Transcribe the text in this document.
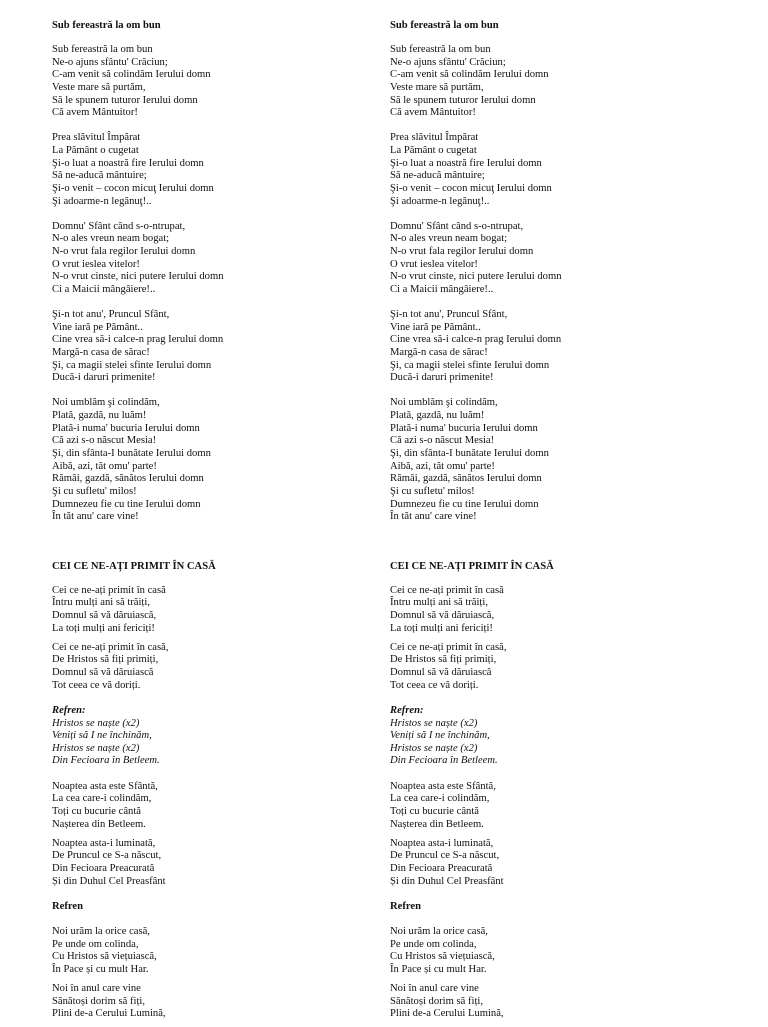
Sub fereastră la om bun
Sub fereastră la om bun
Ne-o ajuns sfântu' Crăciun;
C-am venit să colindăm Ierului domn
Veste mare să purtăm,
Să le spunem tuturor Ierului domn
Că avem Mântuitor!
Prea slăvitul Împărat
La Pământ o cugetat
Şi-o luat a noastră fire Ierului domn
Să ne-aducă mântuire;
Şi-o venit – cocon micuţ Ierului domn
Şi adoarme-n legănuţ!..
Domnu' Sfânt când s-o-ntrupat,
N-o ales vreun neam bogat;
N-o vrut fala regilor Ierului domn
O vrut ieslea vitelor!
N-o vrut cinste, nici putere Ierului domn
Ci a Maicii mângâiere!..
Şi-n tot anu', Pruncul Sfânt,
Vine iară pe Pământ..
Cine vrea să-i calce-n prag Ierului domn
Margă-n casa de sărac!
Şi, ca magii stelei sfinte Ierului domn
Ducă-i daruri primenite!
Noi umblăm şi colindăm,
Plată, gazdă, nu luăm!
Plată-i numa' bucuria Ierului domn
Că azi s-o născut Mesia!
Şi, din sfânta-I bunătate Ierului domn
Aibă, azi, tăt omu' parte!
Rămâi, gazdă, sănătos Ierului domn
Şi cu sufletu' milos!
Dumnezeu fie cu tine Ierului domn
În tăt anu' care vine!
CEI CE NE-AȚI PRIMIT ÎN CASĂ
Cei ce ne-ați primit în casă
Întru mulți ani să trăiți,
Domnul să vă dăruiască,
La toți mulți ani fericiți!
Cei ce ne-ați primit în casă,
De Hristos să fiți primiți,
Domnul să vă dăruiască
Tot ceea ce vă doriți.
Refren:
Hristos se naște (x2)
Veniți să I ne închinăm,
Hristos se naște (x2)
Din Fecioara în Betleem.
Noaptea asta este Sfântă,
La cea care-i colindăm,
Toți cu bucurie cântă
Nașterea din Betleem.
Noaptea asta-i luminată,
De Pruncul ce S-a născut,
Din Fecioara Preacurată
Și din Duhul Cel Preasfânt
Refren
Noi urăm la orice casă,
Pe unde om colinda,
Cu Hristos să viețuiască,
În Pace și cu mult Har.
Noi în anul care vine
Sănătoși dorim să fiți,
Plini de-a Cerului Lumină,
Sub fereastră la om bun
Sub fereastră la om bun
Ne-o ajuns sfântu' Crăciun;
C-am venit să colindăm Ierului domn
Veste mare să purtăm,
Să le spunem tuturor Ierului domn
Că avem Mântuitor!
Prea slăvitul Împărat
La Pământ o cugetat
Şi-o luat a noastră fire Ierului domn
Să ne-aducă mântuire;
Şi-o venit – cocon micuţ Ierului domn
Şi adoarme-n legănuţ!..
Domnu' Sfânt când s-o-ntrupat,
N-o ales vreun neam bogat;
N-o vrut fala regilor Ierului domn
O vrut ieslea vitelor!
N-o vrut cinste, nici putere Ierului domn
Ci a Maicii mângâiere!..
Şi-n tot anu', Pruncul Sfânt,
Vine iară pe Pământ..
Cine vrea să-i calce-n prag Ierului domn
Margă-n casa de sărac!
Şi, ca magii stelei sfinte Ierului domn
Ducă-i daruri primenite!
Noi umblăm şi colindăm,
Plată, gazdă, nu luăm!
Plată-i numa' bucuria Ierului domn
Că azi s-o născut Mesia!
Şi, din sfânta-I bunătate Ierului domn
Aibă, azi, tăt omu' parte!
Rămâi, gazdă, sănătos Ierului domn
Şi cu sufletu' milos!
Dumnezeu fie cu tine Ierului domn
În tăt anu' care vine!
CEI CE NE-AȚI PRIMIT ÎN CASĂ
Cei ce ne-ați primit în casă
Întru mulți ani să trăiți,
Domnul să vă dăruiască,
La toți mulți ani fericiți!
Cei ce ne-ați primit în casă,
De Hristos să fiți primiți,
Domnul să vă dăruiască
Tot ceea ce vă doriți.
Refren:
Hristos se naște (x2)
Veniți să I ne închinăm,
Hristos se naște (x2)
Din Fecioara în Betleem.
Noaptea asta este Sfântă,
La cea care-i colindăm,
Toți cu bucurie cântă
Nașterea din Betleem.
Noaptea asta-i luminată,
De Pruncul ce S-a născut,
Din Fecioara Preacurată
Și din Duhul Cel Preasfânt
Refren
Noi urăm la orice casă,
Pe unde om colinda,
Cu Hristos să viețuiască,
În Pace și cu mult Har.
Noi în anul care vine
Sănătoși dorim să fiți,
Plini de-a Cerului Lumină,
